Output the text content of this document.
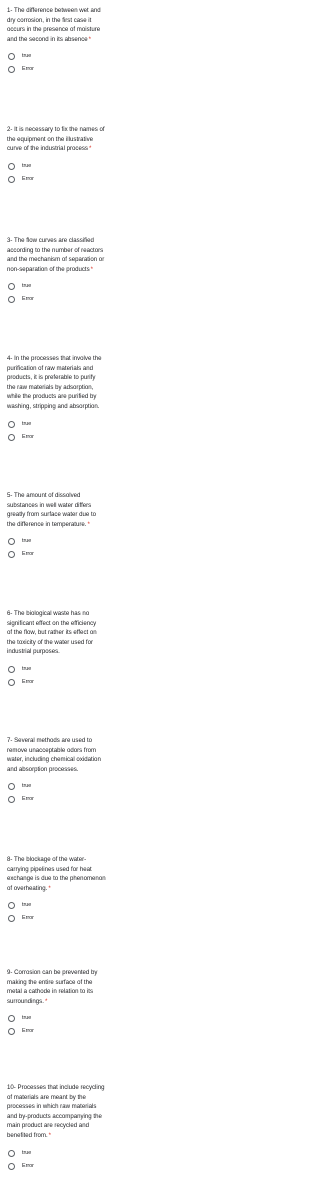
1- The difference between wet and
dry corrosion, in the first case it
occurs in the presence of moisture
and the second in its absence*

true
Error

2- It is necessary to fix the names of
the equipment on the illustrative
curve of the industrial process*

true
Error

3- The flow curves are classified
according to the number of reactors
and the mechanism of separation or
non-separation of the products*

true
Error

4- In the processes that involve the
purification of raw materials and
products, it is preferable to purify
the raw materials by adsorption,
while the products are purified by
washing, stripping and absorption.

true
Error

5- The amount of dissolved
substances in well water differs
greatly from surface water due to
the difference in temperature.*

true
Error

6- The biological waste has no
significant effect on the efficiency
of the flow, but rather its effect on
the toxicity of the water used for
industrial purposes.

true
Error

7- Several methods are used to
remove unacceptable odors from
water, including chemical oxidation
and absorption processes.

true
Error

8- The blockage of the water-
carrying pipelines used for heat
exchange is due to the phenomenon
of overheating.*

true
Error

9- Corrosion can be prevented by
making the entire surface of the
metal a cathode in relation to its
surroundings.*

true
Error

10- Processes that include recycling
of materials are meant by the
processes in which raw materials
and by-products accompanying the
main product are recycled and
benefited from.*

true
Error
